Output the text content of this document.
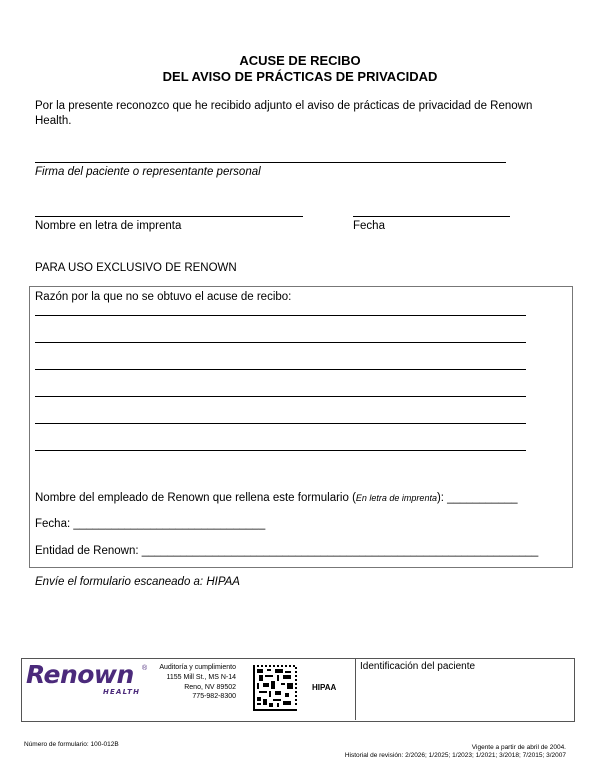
ACUSE DE RECIBO
DEL AVISO DE PRÁCTICAS DE PRIVACIDAD
Por la presente reconozco que he recibido adjunto el aviso de prácticas de privacidad de Renown
Health.
Firma del paciente o representante personal
Nombre en letra de imprenta	Fecha
PARA USO EXCLUSIVO DE RENOWN
Razón por la que no se obtuvo el acuse de recibo:
Nombre del empleado de Renown que rellena este formulario (En letra de imprenta): ___________
Fecha: ______________________________
Entidad de Renown: ______________________________________________________________
Envíe el formulario escaneado a: HIPAA
Renown ®
HEALTH
Auditoría y cumplimiento
1155 Mill St., MS N-14
Reno, NV 89502
775-982-8300
HIPAA
Identificación del paciente
Número de formulario: 100-012B	Vigente a partir de abril de 2004.
Historial de revisión: 2/2026; 1/2025; 1/2023; 1/2021; 3/2018; 7/2015; 3/2007
